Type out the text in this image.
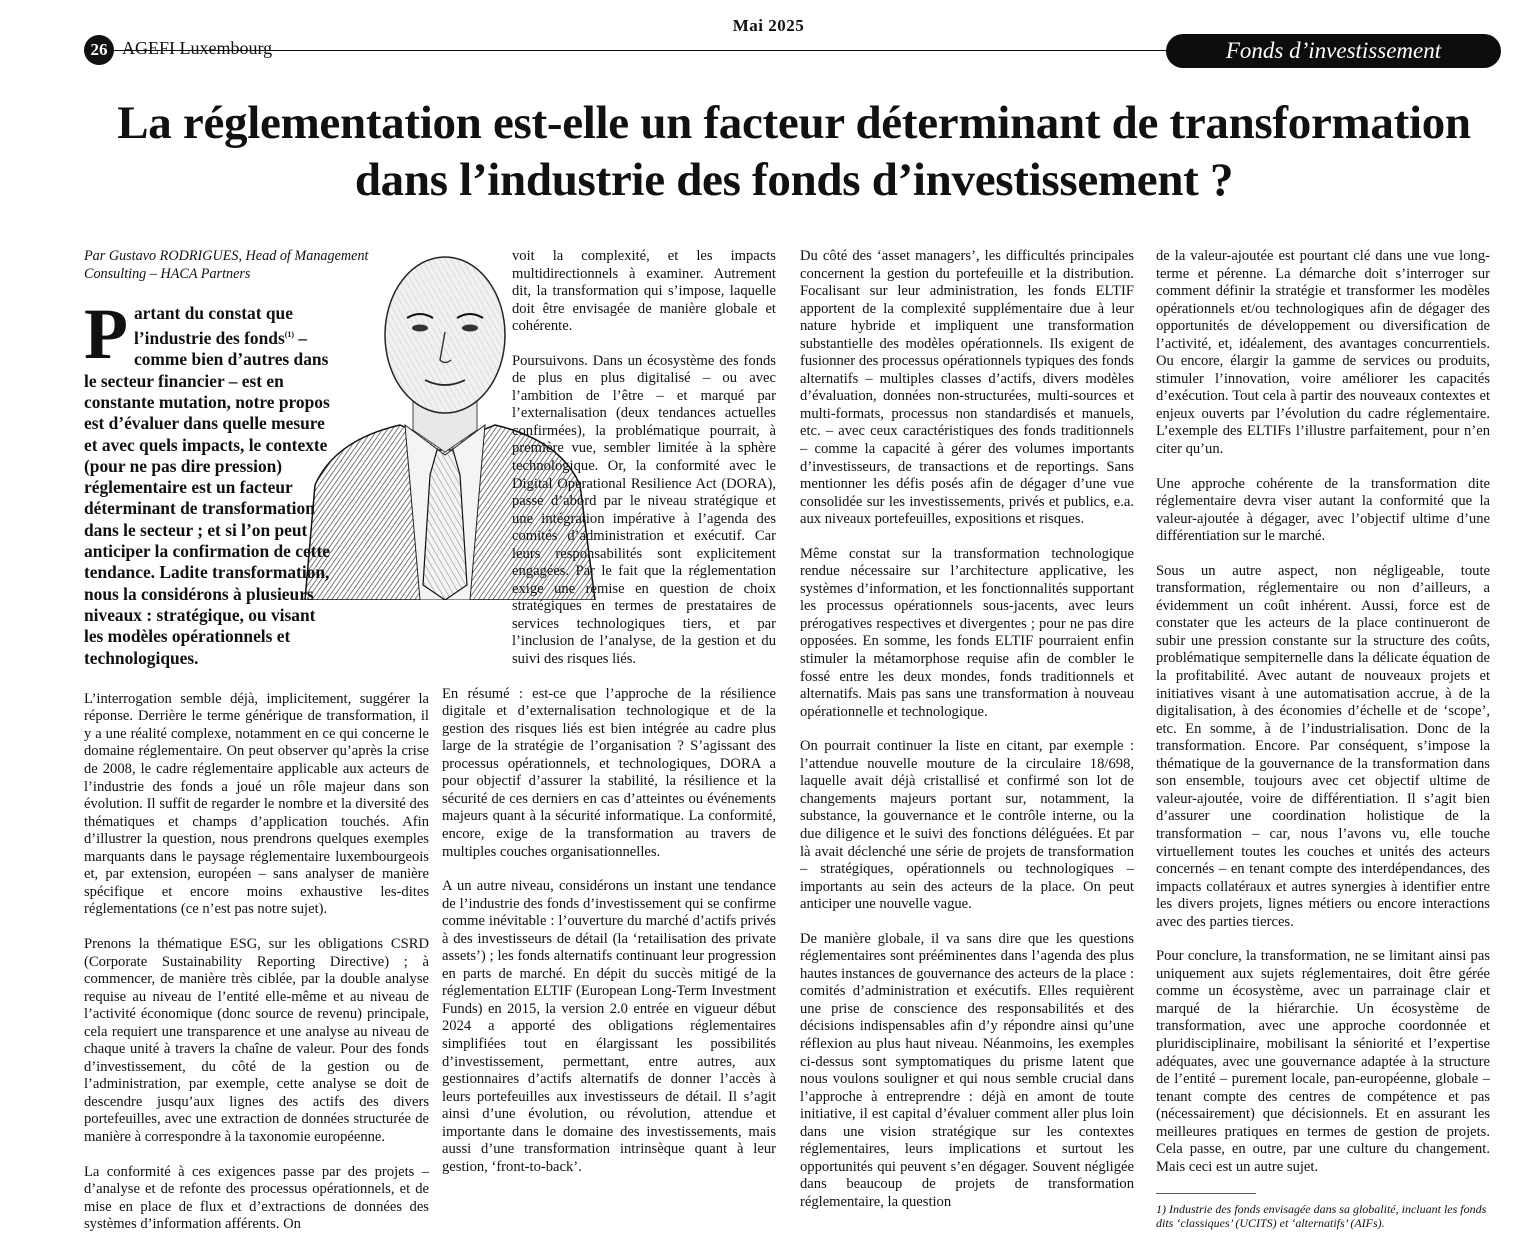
Mai 2025
26 AGEFI Luxembourg	Fonds d’investissement
La réglementation est-elle un facteur déterminant de transformation dans l’industrie des fonds d’investissement ?
Par Gustavo RODRIGUES, Head of Management Consulting – HACA Partners
Partant du constat que l’industrie des fonds$^{(1)}$ – comme bien d’autres dans le secteur financier – est en constante mutation, notre propos est d’évaluer dans quelle mesure et avec quels impacts, le contexte (pour ne pas dire pression) réglementaire est un facteur déterminant de transformation dans le secteur ; et si l’on peut anticiper la confirmation de cette tendance. Ladite transformation, nous la considérons à plusieurs niveaux : stratégique, ou visant les modèles opérationnels et technologiques.

L’interrogation semble déjà, implicitement, suggérer la réponse. Derrière le terme générique de transformation, il y a une réalité complexe, notamment en ce qui concerne le domaine réglementaire. On peut observer qu’après la crise de 2008, le cadre réglementaire applicable aux acteurs de l’industrie des fonds a joué un rôle majeur dans son évolution. Il suffit de regarder le nombre et la diversité des thématiques et champs d’application touchés. Afin d’illustrer la question, nous prendrons quelques exemples marquants dans le paysage réglementaire luxembourgeois et, par extension, européen – sans analyser de manière spécifique et encore moins exhaustive les-dites réglementations (ce n’est pas notre sujet).

Prenons la thématique ESG, sur les obligations CSRD (Corporate Sustainability Reporting Directive) ; à commencer, de manière très ciblée, par la double analyse requise au niveau de l’entité elle-même et au niveau de l’activité économique (donc source de revenu) principale, cela requiert une transparence et une analyse au niveau de chaque unité à travers la chaîne de valeur. Pour des fonds d’investissement, du côté de la gestion ou de l’administration, par exemple, cette analyse se doit de descendre jusqu’aux lignes des actifs des divers portefeuilles, avec une extraction de données structurée de manière à correspondre à la taxonomie européenne.

La conformité à ces exigences passe par des projets – d’analyse et de refonte des processus opérationnels, et de mise en place de flux et d’extractions de données des systèmes d’information afférents. On

voit la complexité, et les impacts multidirectionnels à examiner. Autrement dit, la transformation qui s’impose, laquelle doit être envisagée de manière globale et cohérente.

Poursuivons. Dans un écosystème des fonds de plus en plus digitalisé – ou avec l’ambition de l’être – et marqué par l’externalisation (deux tendances actuelles confirmées), la problématique pourrait, à première vue, sembler limitée à la sphère technologique. Or, la conformité avec le Digital Operational Resilience Act (DORA), passe d’abord par le niveau stratégique et une intégration impérative à l’agenda des comités d’administration et exécutif. Car leurs responsabilités sont explicitement engagées. Par le fait que la réglementation exige une remise en question de choix stratégiques en termes de prestataires de services technologiques tiers, et par l’inclusion de l’analyse, de la gestion et du suivi des risques liés.

En résumé : est-ce que l’approche de la résilience digitale et d’externalisation technologique et de la gestion des risques liés est bien intégrée au cadre plus large de la stratégie de l’organisation ? S’agissant des processus opérationnels, et technologiques, DORA a pour objectif d’assurer la stabilité, la résilience et la sécurité de ces derniers en cas d’atteintes ou événements majeurs quant à la sécurité informatique. La conformité, encore, exige de la transformation au travers de multiples couches organisationnelles.

A un autre niveau, considérons un instant une tendance de l’industrie des fonds d’investissement qui se confirme comme inévitable : l’ouverture du marché d’actifs privés à des investisseurs de détail (la ‘retailisation des private assets’) ; les fonds alternatifs continuant leur progression en parts de marché. En dépit du succès mitigé de la réglementation ELTIF (European Long-Term Investment Funds) en 2015, la version 2.0 entrée en vigueur début 2024 a apporté des obligations réglementaires simplifiées tout en élargissant les possibilités d’investissement, permettant, entre autres, aux gestionnaires d’actifs alternatifs de donner l’accès à leurs portefeuilles aux investisseurs de détail. Il s’agit ainsi d’une évolution, ou révolution, attendue et importante dans le domaine des investissements, mais aussi d’une transformation intrinsèque quant à leur gestion, ‘front-to-back’.

Du côté des ‘asset managers’, les difficultés principales concernent la gestion du portefeuille et la distribution. Focalisant sur leur administration, les fonds ELTIF apportent de la complexité supplémentaire due à leur nature hybride et impliquent une transformation substantielle des modèles opérationnels. Ils exigent de fusionner des processus opérationnels typiques des fonds alternatifs – multiples classes d’actifs, divers modèles d’évaluation, données non-structurées, multi-sources et multi-formats, processus non standardisés et manuels, etc. – avec ceux caractéristiques des fonds traditionnels – comme la capacité à gérer des volumes importants d’investisseurs, de transactions et de reportings. Sans mentionner les défis posés afin de dégager d’une vue consolidée sur les investissements, privés et publics, e.a. aux niveaux portefeuilles, expositions et risques.

Même constat sur la transformation technologique rendue nécessaire sur l’architecture applicative, les systèmes d’information, et les fonctionnalités supportant les processus opérationnels sous-jacents, avec leurs prérogatives respectives et divergentes ; pour ne pas dire opposées. En somme, les fonds ELTIF pourraient enfin stimuler la métamorphose requise afin de combler le fossé entre les deux mondes, fonds traditionnels et alternatifs. Mais pas sans une transformation à nouveau opérationnelle et technologique.

On pourrait continuer la liste en citant, par exemple : l’attendue nouvelle mouture de la circulaire 18/698, laquelle avait déjà cristallisé et confirmé son lot de changements majeurs portant sur, notamment, la substance, la gouvernance et le contrôle interne, ou la due diligence et le suivi des fonctions déléguées. Et par là avait déclenché une série de projets de transformation – stratégiques, opérationnels ou technologiques – importants au sein des acteurs de la place. On peut anticiper une nouvelle vague.

De manière globale, il va sans dire que les questions réglementaires sont prééminentes dans l’agenda des plus hautes instances de gouvernance des acteurs de la place : comités d’administration et exécutifs. Elles requièrent une prise de conscience des responsabilités et des décisions indispensables afin d’y répondre ainsi qu’une réflexion au plus haut niveau. Néanmoins, les exemples ci-dessus sont symptomatiques du prisme latent que nous voulons souligner et qui nous semble crucial dans l’approche à entreprendre : déjà en amont de toute initiative, il est capital d’évaluer comment aller plus loin dans une vision stratégique sur les contextes réglementaires, leurs implications et surtout les opportunités qui peuvent s’en dégager. Souvent négligée dans beaucoup de projets de transformation réglementaire, la question

de la valeur-ajoutée est pourtant clé dans une vue long-terme et pérenne. La démarche doit s’interroger sur comment définir la stratégie et transformer les modèles opérationnels et/ou technologiques afin de dégager des opportunités de développement ou diversification de l’activité, et, idéalement, des avantages concurrentiels. Ou encore, élargir la gamme de services ou produits, stimuler l’innovation, voire améliorer les capacités d’exécution. Tout cela à partir des nouveaux contextes et enjeux ouverts par l’évolution du cadre réglementaire. L’exemple des ELTIFs l’illustre parfaitement, pour n’en citer qu’un.

Une approche cohérente de la transformation dite réglementaire devra viser autant la conformité que la valeur-ajoutée à dégager, avec l’objectif ultime d’une différentiation sur le marché.

Sous un autre aspect, non négligeable, toute transformation, réglementaire ou non d’ailleurs, a évidemment un coût inhérent. Aussi, force est de constater que les acteurs de la place continueront de subir une pression constante sur la structure des coûts, problématique sempiternelle dans la délicate équation de la profitabilité. Avec autant de nouveaux projets et initiatives visant à une automatisation accrue, à de la digitalisation, à des économies d’échelle et de ‘scope’, etc. En somme, à de l’industrialisation. Donc de la transformation. Encore. Par conséquent, s’impose la thématique de la gouvernance de la transformation dans son ensemble, toujours avec cet objectif ultime de valeur-ajoutée, voire de différentiation. Il s’agit bien d’assurer une coordination holistique de la transformation – car, nous l’avons vu, elle touche virtuellement toutes les couches et unités des acteurs concernés – en tenant compte des interdépendances, des impacts collatéraux et autres synergies à identifier entre les divers projets, lignes métiers ou encore interactions avec des parties tierces.

Pour conclure, la transformation, ne se limitant ainsi pas uniquement aux sujets réglementaires, doit être gérée comme un écosystème, avec un parrainage clair et marqué de la hiérarchie. Un écosystème de transformation, avec une approche coordonnée et pluridisciplinaire, mobilisant la séniorité et l’expertise adéquates, avec une gouvernance adaptée à la structure de l’entité – purement locale, pan-européenne, globale – tenant compte des centres de compétence et pas (nécessairement) que décisionnels. Et en assurant les meilleures pratiques en termes de gestion de projets. Cela passe, en outre, par une culture du changement. Mais ceci est un autre sujet.

1) Industrie des fonds envisagée dans sa globalité, incluant les fonds dits ‘classiques’ (UCITS) et ‘alternatifs’ (AIFs).
